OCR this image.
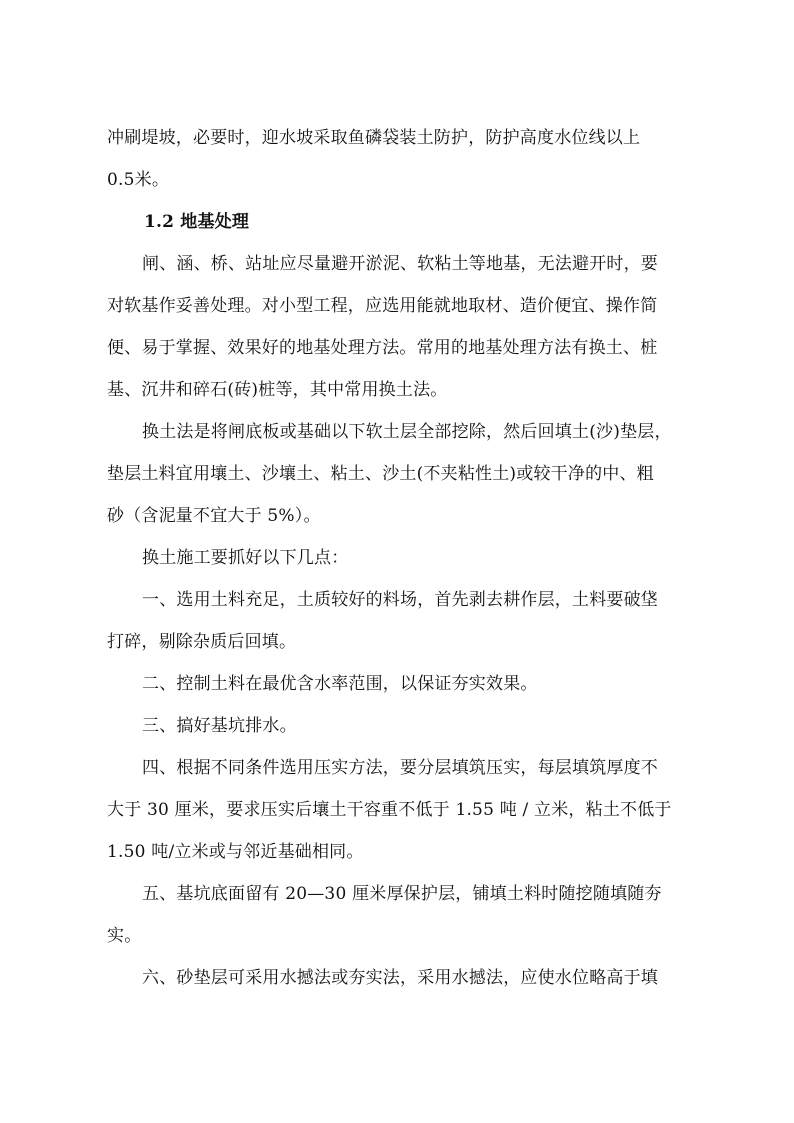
冲刷堤坡，必要时，迎水坡采取鱼磷袋装土防护，防护高度水位线以上
0.5米。
1.2 地基处理
闸、涵、桥、站址应尽量避开淤泥、软粘土等地基，无法避开时，要
对软基作妥善处理。对小型工程，应选用能就地取材、造价便宜、操作简
便、易于掌握、效果好的地基处理方法。常用的地基处理方法有换土、桩
基、沉井和碎石(砖)桩等，其中常用换土法。
换土法是将闸底板或基础以下软土层全部挖除，然后回填土(沙)垫层，
垫层土料宜用壤土、沙壤土、粘土、沙土(不夹粘性土)或较干净的中、粗
砂（含泥量不宜大于 5%）。
换土施工要抓好以下几点：
一、选用土料充足，土质较好的料场，首先剥去耕作层，土料要破垡
打碎，剔除杂质后回填。
二、控制土料在最优含水率范围，以保证夯实效果。
三、搞好基坑排水。
四、根据不同条件选用压实方法，要分层填筑压实，每层填筑厚度不
大于 30 厘米，要求压实后壤土干容重不低于 1.55 吨 / 立米，粘土不低于
1.50 吨/立米或与邻近基础相同。
五、基坑底面留有 20—30 厘米厚保护层，铺填土料时随挖随填随夯
实。
六、砂垫层可采用水撼法或夯实法，采用水撼法，应使水位略高于填
